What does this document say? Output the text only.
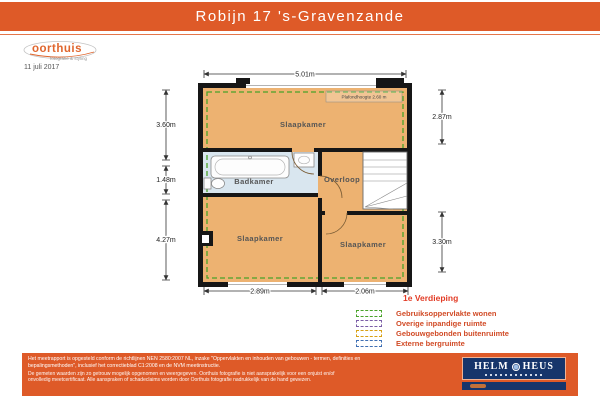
Robijn 17 's-Gravenzande
oorthuis
fotografie & styling
11 juli 2017
Plafondhoogte 2.60 m
Slaapkamer
Badkamer	Overloop
Slaapkamer
Slaapkamer
5.01m
3.60m
1.48m
4.27m
2.87m
3.30m
2.89m	2.06m
1e Verdieping
Gebruiksoppervlakte wonen
Overige inpandige ruimte
Gebouwgebonden buitenruimte
Externe bergruimte

Het meetrapport is opgesteld conform de richtlijnen NEN 2580:2007 NL, inzake "Oppervlakten en inhouden van gebouwen - termen, definities en bepalingsmethoden", inclusief het correctieblad C1:2008 en de NVM meetinstructie.

De gemeten waarden zijn zo getrouw mogelijk opgenomen en weergegeven. Oorthuis fotografie is niet aansprakelijk voor een onjuist en/of onvolledig meetcertificaat. Alle aanspraken of schadeclaims worden door Oorthuis fotografie nadrukkelijk van de hand gewezen.

HELM HEUS
